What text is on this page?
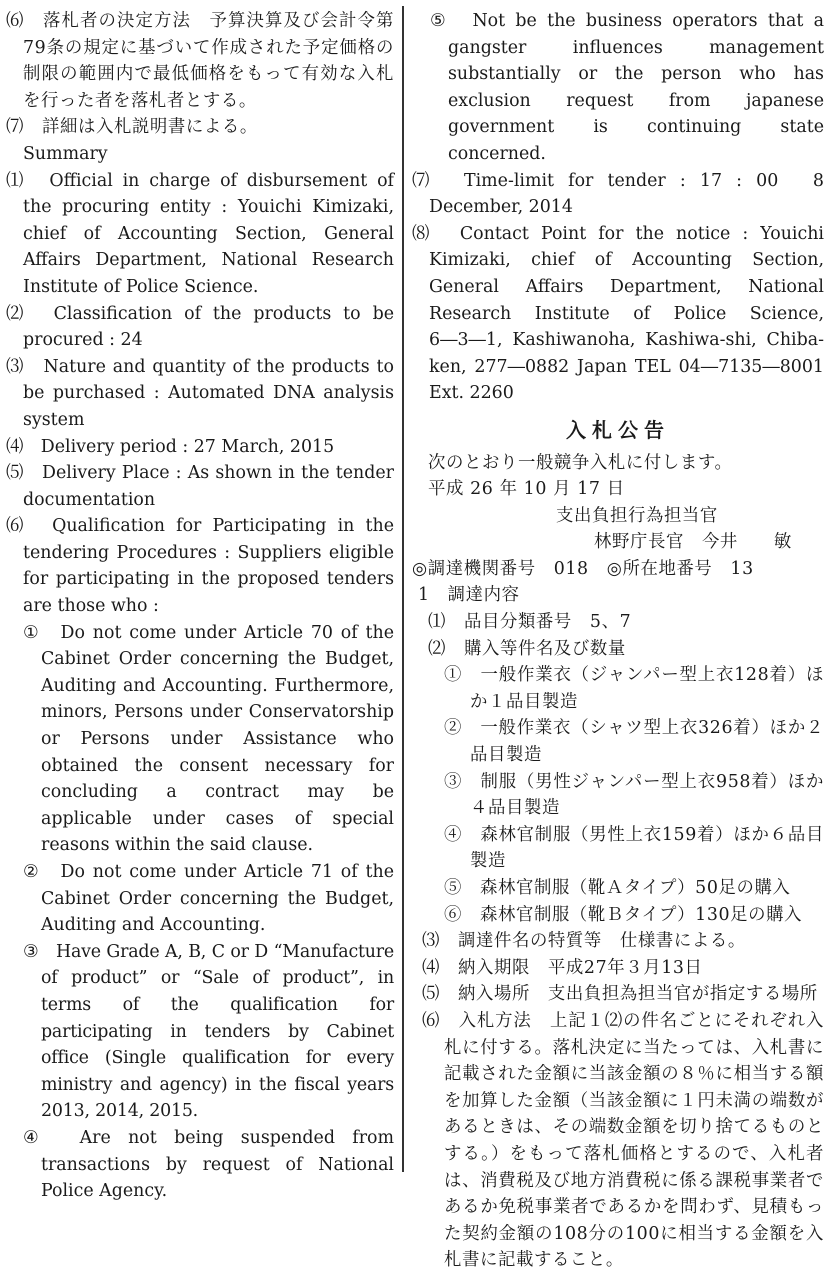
⑹　落札者の決定方法　予算決算及び会計令第79条の規定に基づいて作成された予定価格の制限の範囲内で最低価格をもって有効な入札を行った者を落札者とする。

⑺　詳細は入札説明書による。

Summary

⑴　Official in charge of disbursement of the procuring entity : Youichi Kimizaki, chief of Accounting Section, General Affairs Department, National Research Institute of Police Science.

⑵　Classification of the products to be procured : 24

⑶　Nature and quantity of the products to be purchased : Automated DNA analysis system

⑷　Delivery period : 27 March, 2015

⑸　Delivery Place : As shown in the tender documentation

⑹　Qualification for Participating in the tendering Procedures : Suppliers eligible for participating in the proposed tenders are those who :

①　Do not come under Article 70 of the Cabinet Order concerning the Budget, Auditing and Accounting. Furthermore, minors, Persons under Conservatorship or Persons under Assistance who obtained the consent necessary for concluding a contract may be applicable under cases of special reasons within the said clause.

②　Do not come under Article 71 of the Cabinet Order concerning the Budget, Auditing and Accounting.

③　Have Grade A, B, C or D “Manufacture of product” or “Sale of product”, in terms of the qualification for participating in tenders by Cabinet office (Single qualification for every ministry and agency) in the fiscal years 2013, 2014, 2015.

④　Are not being suspended from transactions by request of National Police Agency.

⑤　Not be the business operators that a gangster influences management substantially or the person who has exclusion request from japanese government is continuing state concerned.

⑺　Time-limit for tender : 17 : 00　8 December, 2014

⑻　Contact Point for the notice : Youichi Kimizaki, chief of Accounting Section, General Affairs Department, National Research Institute of Police Science, 6―3―1, Kashiwanoha, Kashiwa-shi, Chiba-ken, 277―0882 Japan TEL 04―7135―8001 Ext. 2260

入札公告

次のとおり一般競争入札に付します。

平成 26 年 10 月 17 日

支出負担行為担当官

林野庁長官　今井　　敏

◎調達機関番号　018　◎所在地番号　13

1　調達内容

⑴　品目分類番号　5、7

⑵　購入等件名及び数量

①　一般作業衣（ジャンパー型上衣128着）ほか１品目製造

②　一般作業衣（シャツ型上衣326着）ほか２品目製造

③　制服（男性ジャンパー型上衣958着）ほか４品目製造

④　森林官制服（男性上衣159着）ほか６品目製造

⑤　森林官制服（靴Ａタイプ）50足の購入

⑥　森林官制服（靴Ｂタイプ）130足の購入

⑶　調達件名の特質等　仕様書による。

⑷　納入期限　平成27年３月13日

⑸　納入場所　支出負担為担当官が指定する場所

⑹　入札方法　上記１⑵の件名ごとにそれぞれ入札に付する。落札決定に当たっては、入札書に記載された金額に当該金額の８％に相当する額を加算した金額（当該金額に１円未満の端数があるときは、その端数金額を切り捨てるものとする。）をもって落札価格とするので、入札者は、消費税及び地方消費税に係る課税事業者であるか免税事業者であるかを問わず、見積もった契約金額の108分の100に相当する金額を入札書に記載すること。
